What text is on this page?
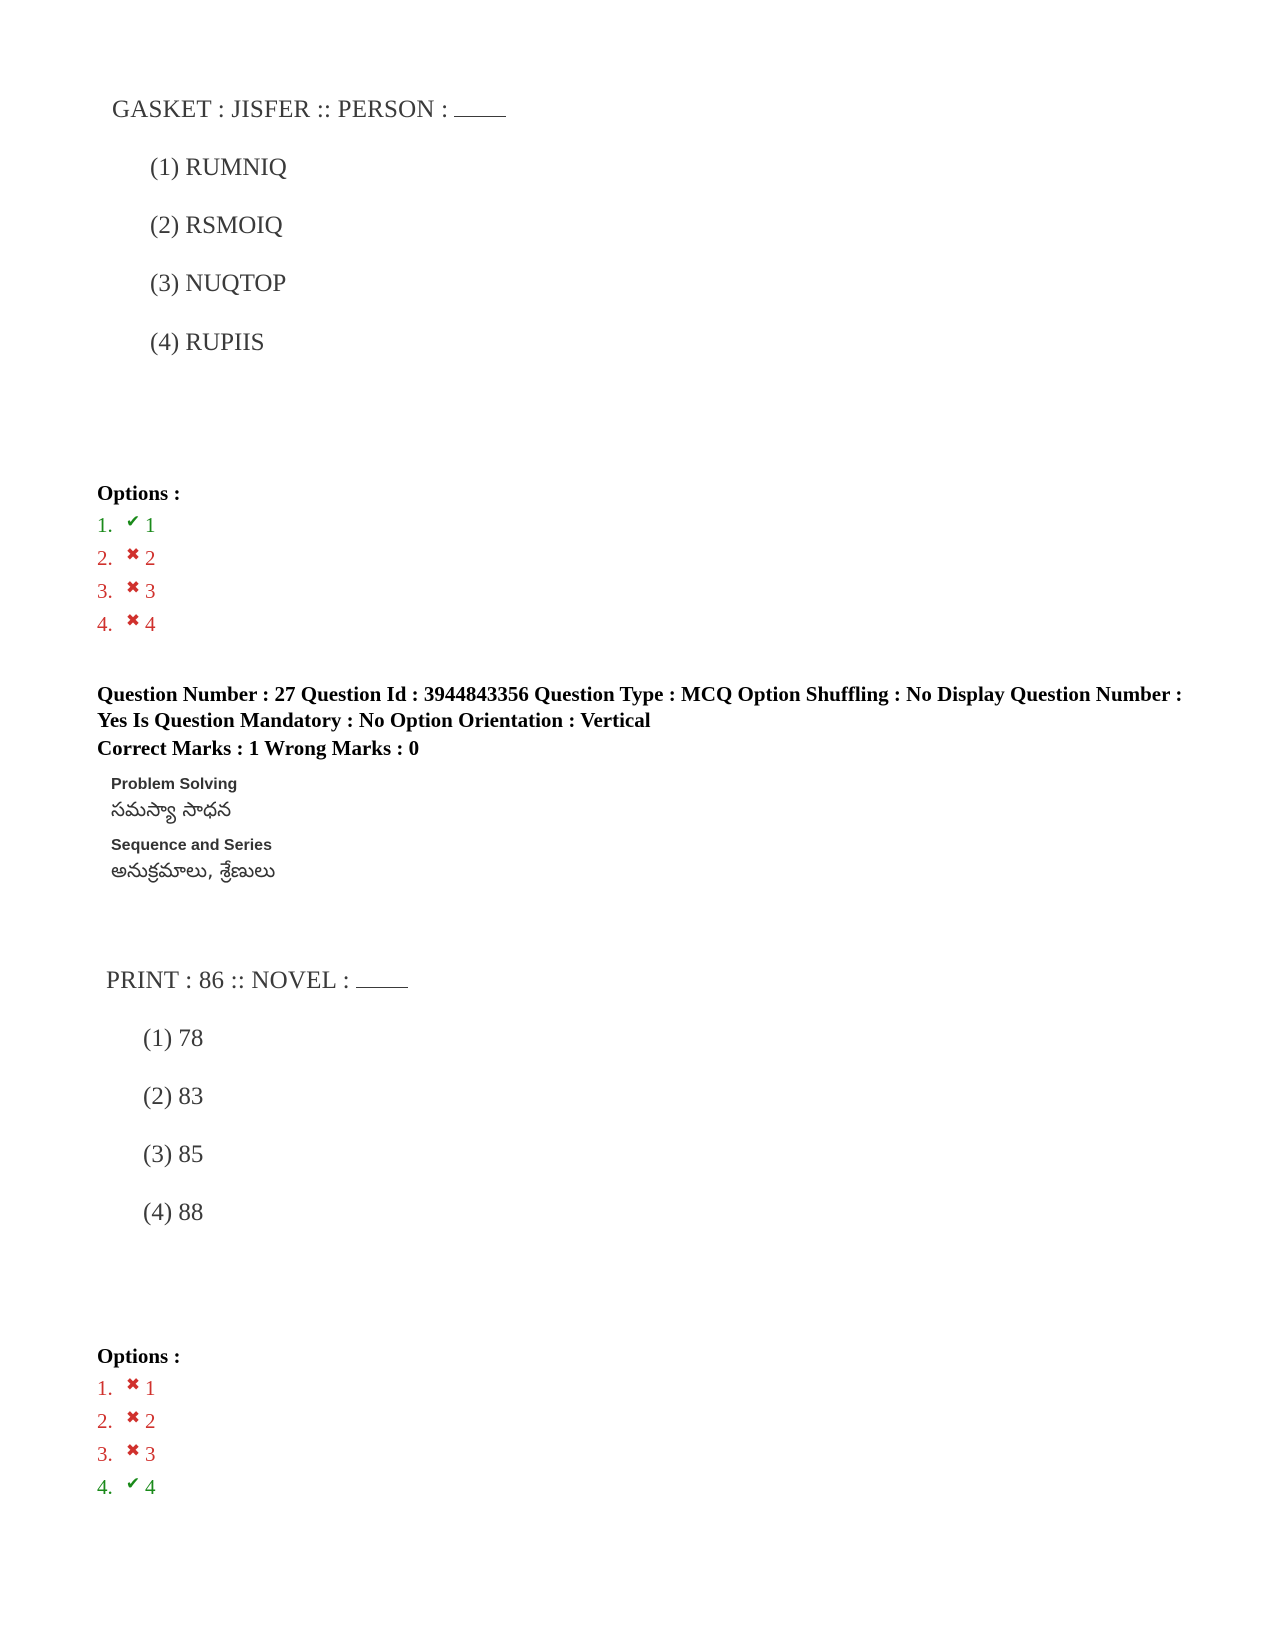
GASKET : JISFER :: PERSON :
(1) RUMNIQ
(2) RSMOIQ
(3) NUQTOP
(4) RUPIIS
Options :
1. ✔ 1
2. ✖ 2
3. ✖ 3
4. ✖ 4
Question Number : 27 Question Id : 3944843356 Question Type : MCQ Option Shuffling : No Display Question Number : Yes Is Question Mandatory : No Option Orientation : Vertical
Correct Marks : 1 Wrong Marks : 0
Problem Solving
సమస్యా సాధన
Sequence and Series
అనుక్రమాలు, శ్రేణులు
PRINT : 86 :: NOVEL :
(1) 78
(2) 83
(3) 85
(4) 88
Options :
1. ✖ 1
2. ✖ 2
3. ✖ 3
4. ✔ 4
